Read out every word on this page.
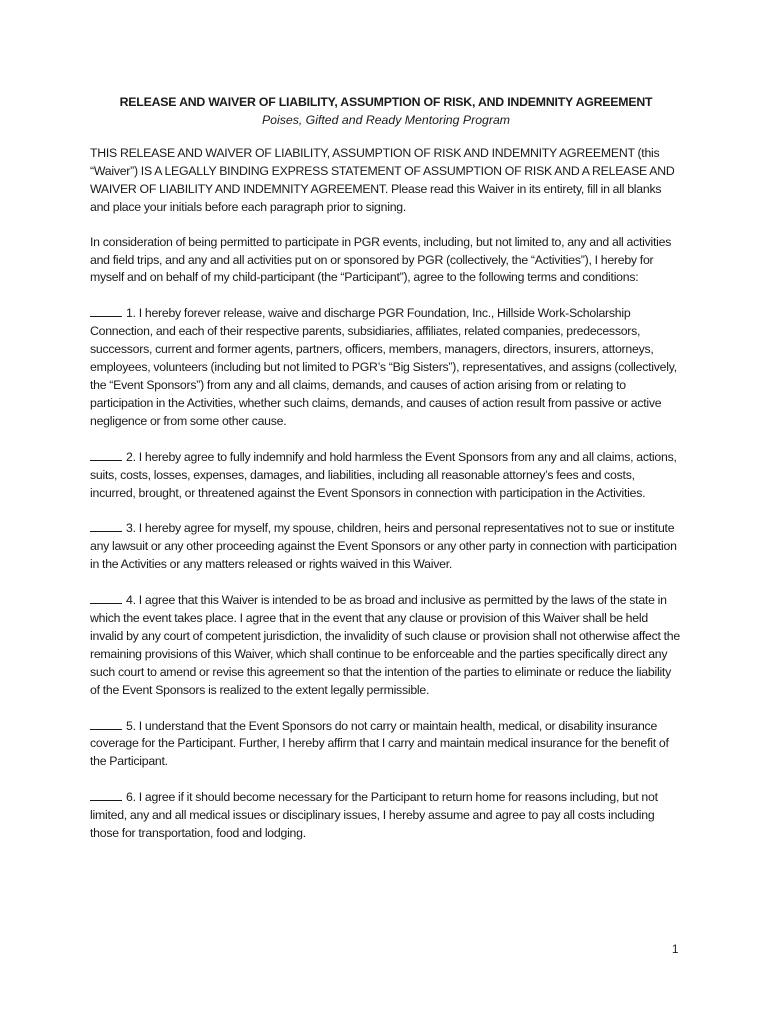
RELEASE AND WAIVER OF LIABILITY, ASSUMPTION OF RISK, AND INDEMNITY AGREEMENT

Poises, Gifted and Ready Mentoring Program

THIS RELEASE AND WAIVER OF LIABILITY, ASSUMPTION OF RISK AND INDEMNITY AGREEMENT (this “Waiver”) IS A LEGALLY BINDING EXPRESS STATEMENT OF ASSUMPTION OF RISK AND A RELEASE AND WAIVER OF LIABILITY AND INDEMNITY AGREEMENT. Please read this Waiver in its entirety, fill in all blanks and place your initials before each paragraph prior to signing.

In consideration of being permitted to participate in PGR events, including, but not limited to, any and all activities and field trips, and any and all activities put on or sponsored by PGR (collectively, the “Activities”), I hereby for myself and on behalf of my child-participant (the “Participant”), agree to the following terms and conditions:

1. I hereby forever release, waive and discharge PGR Foundation, Inc., Hillside Work-Scholarship Connection, and each of their respective parents, subsidiaries, affiliates, related companies, predecessors, successors, current and former agents, partners, officers, members, managers, directors, insurers, attorneys, employees, volunteers (including but not limited to PGR’s “Big Sisters”), representatives, and assigns (collectively, the “Event Sponsors”) from any and all claims, demands, and causes of action arising from or relating to participation in the Activities, whether such claims, demands, and causes of action result from passive or active negligence or from some other cause.

2. I hereby agree to fully indemnify and hold harmless the Event Sponsors from any and all claims, actions, suits, costs, losses, expenses, damages, and liabilities, including all reasonable attorney’s fees and costs, incurred, brought, or threatened against the Event Sponsors in connection with participation in the Activities.

3. I hereby agree for myself, my spouse, children, heirs and personal representatives not to sue or institute any lawsuit or any other proceeding against the Event Sponsors or any other party in connection with participation in the Activities or any matters released or rights waived in this Waiver.

4. I agree that this Waiver is intended to be as broad and inclusive as permitted by the laws of the state in which the event takes place. I agree that in the event that any clause or provision of this Waiver shall be held invalid by any court of competent jurisdiction, the invalidity of such clause or provision shall not otherwise affect the remaining provisions of this Waiver, which shall continue to be enforceable and the parties specifically direct any such court to amend or revise this agreement so that the intention of the parties to eliminate or reduce the liability of the Event Sponsors is realized to the extent legally permissible.

5. I understand that the Event Sponsors do not carry or maintain health, medical, or disability insurance coverage for the Participant. Further, I hereby affirm that I carry and maintain medical insurance for the benefit of the Participant.

6. I agree if it should become necessary for the Participant to return home for reasons including, but not limited, any and all medical issues or disciplinary issues, I hereby assume and agree to pay all costs including those for transportation, food and lodging.

1
